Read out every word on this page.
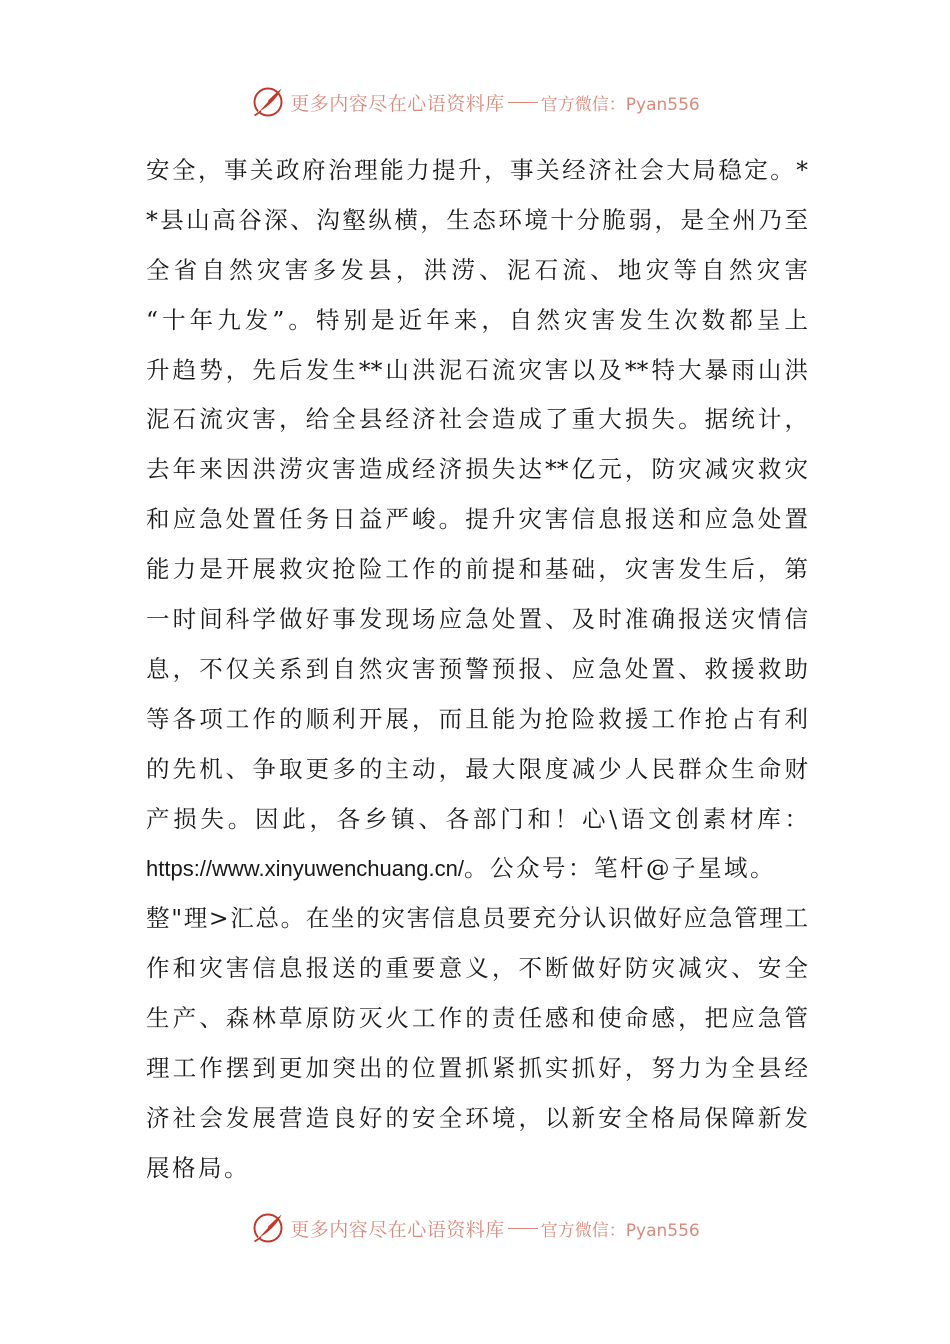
更多内容尽在心语资料库 官方微信：Pyan556
安全，事关政府治理能力提升，事关经济社会大局稳定。*
*县山高谷深、沟壑纵横，生态环境十分脆弱，是全州乃至
全省自然灾害多发县，洪涝、泥石流、地灾等自然灾害
“十年九发”。特别是近年来，自然灾害发生次数都呈上
升趋势，先后发生**山洪泥石流灾害以及**特大暴雨山洪
泥石流灾害，给全县经济社会造成了重大损失。据统计，
去年来因洪涝灾害造成经济损失达**亿元，防灾减灾救灾
和应急处置任务日益严峻。提升灾害信息报送和应急处置
能力是开展救灾抢险工作的前提和基础，灾害发生后，第
一时间科学做好事发现场应急处置、及时准确报送灾情信
息，不仅关系到自然灾害预警预报、应急处置、救援救助
等各项工作的顺利开展，而且能为抢险救援工作抢占有利
的先机、争取更多的主动，最大限度减少人民群众生命财
产损失。因此，各乡镇、各部门和！心\语文创素材库：
https://www.xinyuwenchuang.cn/。公众号：笔杆@子星域。
整"理>汇总。在坐的灾害信息员要充分认识做好应急管理工
作和灾害信息报送的重要意义，不断做好防灾减灾、安全
生产、森林草原防灭火工作的责任感和使命感，把应急管
理工作摆到更加突出的位置抓紧抓实抓好，努力为全县经
济社会发展营造良好的安全环境，以新安全格局保障新发
展格局。
更多内容尽在心语资料库 官方微信：Pyan556
